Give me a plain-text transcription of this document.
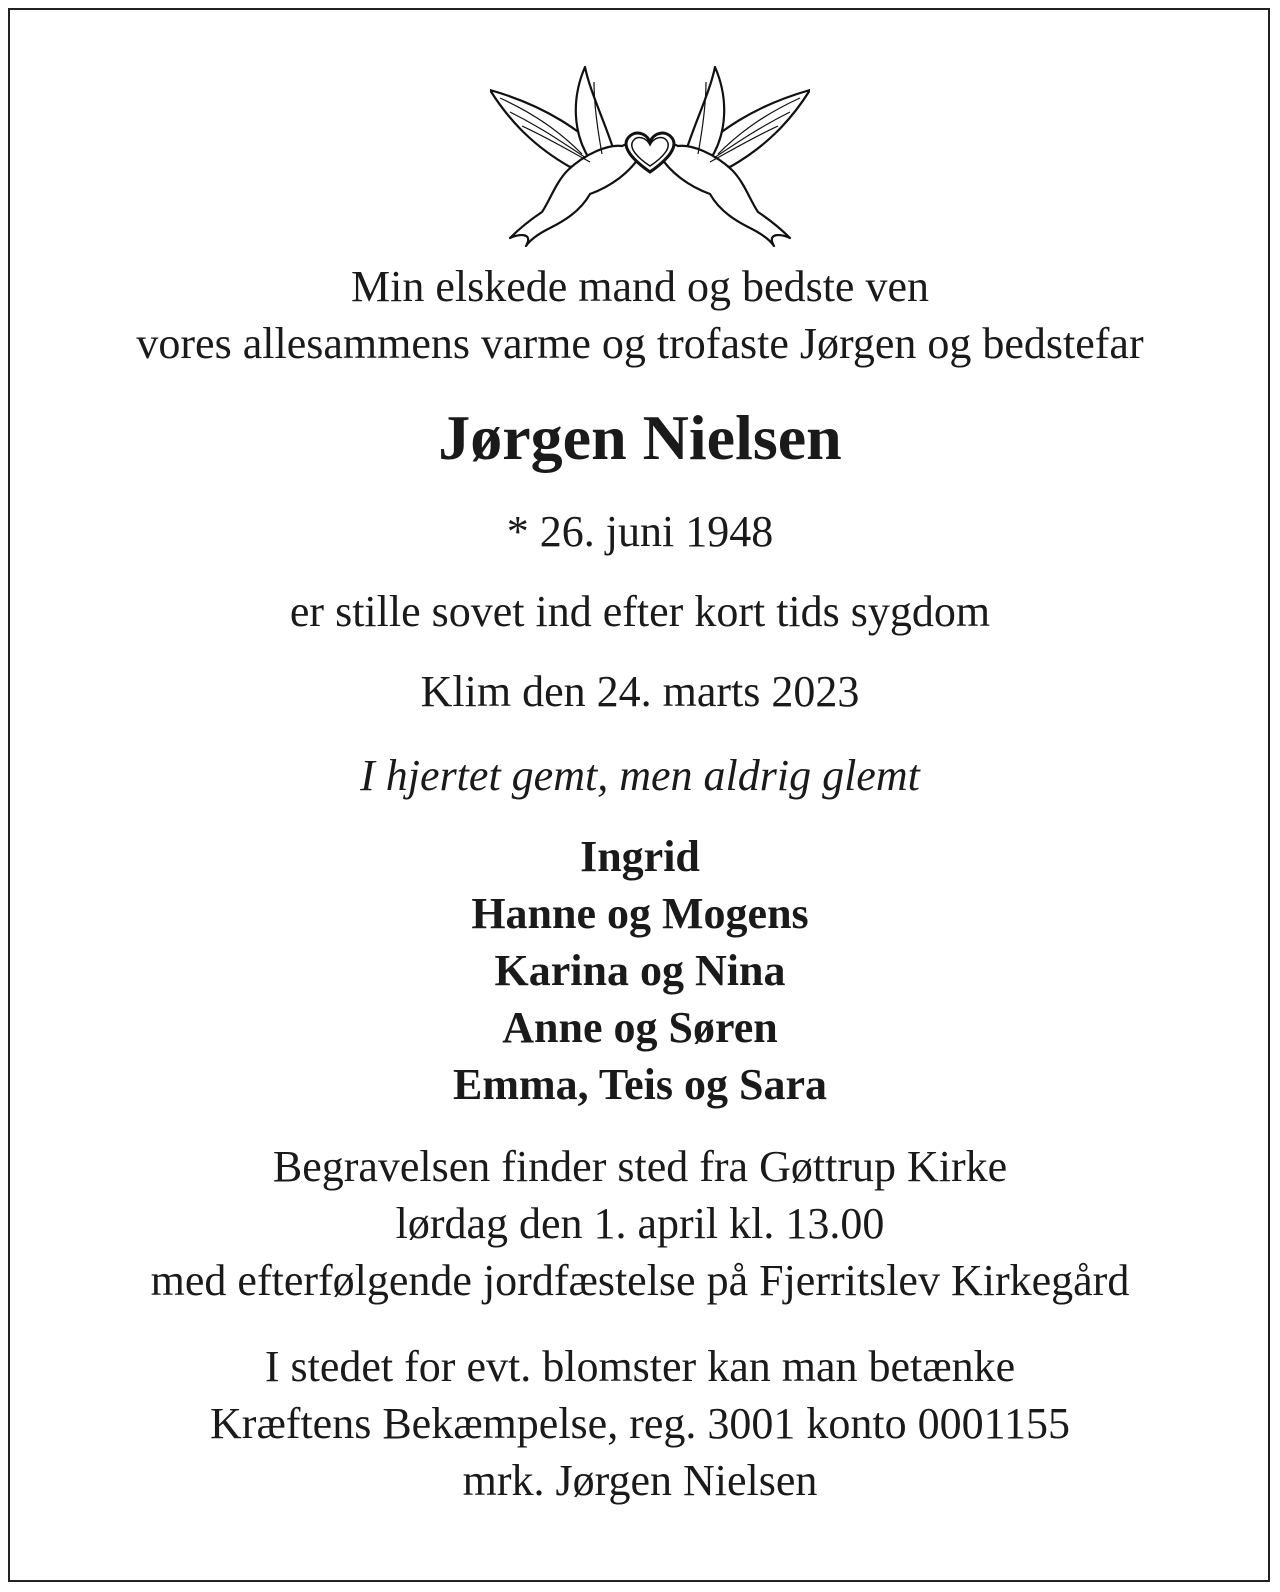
Min elskede mand og bedste ven
vores allesammens varme og trofaste Jørgen og bedstefar
Jørgen Nielsen
* 26. juni 1948
er stille sovet ind efter kort tids sygdom
Klim den 24. marts 2023
I hjertet gemt, men aldrig glemt
Ingrid
Hanne og Mogens
Karina og Nina
Anne og Søren
Emma, Teis og Sara
Begravelsen finder sted fra Gøttrup Kirke
lørdag den 1. april kl. 13.00
med efterfølgende jordfæstelse på Fjerritslev Kirkegård
I stedet for evt. blomster kan man betænke
Kræftens Bekæmpelse, reg. 3001 konto 0001155
mrk. Jørgen Nielsen
